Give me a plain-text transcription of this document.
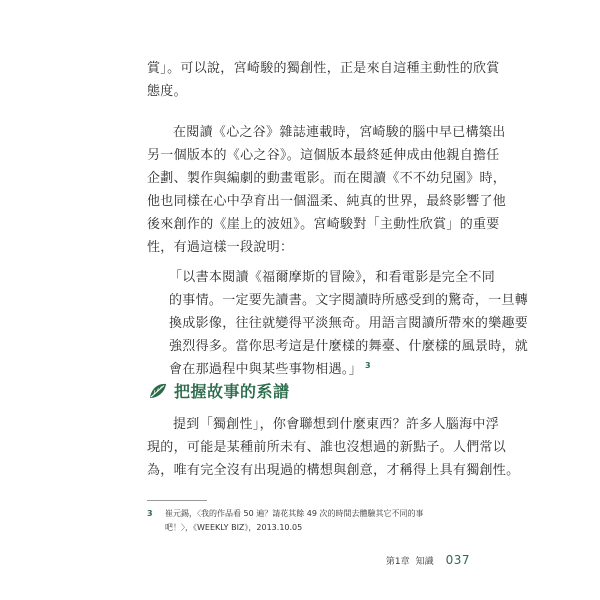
賞」。可以說，宮崎駿的獨創性，正是來自這種主動性的欣賞
態度。

在閱讀《心之谷》雜誌連載時，宮崎駿的腦中早已構築出
另一個版本的《心之谷》。這個版本最終延伸成由他親自擔任
企劃、製作與編劇的動畫電影。而在閱讀《不不幼兒園》時，
他也同樣在心中孕育出一個溫柔、純真的世界，最終影響了他
後來創作的《崖上的波妞》。宮崎駿對「主動性欣賞」的重要
性，有過這樣一段說明：

「以書本閱讀《福爾摩斯的冒險》，和看電影是完全不同
的事情。一定要先讀書。文字閱讀時所感受到的驚奇，一旦轉
換成影像，往往就變得平淡無奇。用語言閱讀所帶來的樂趣要
強烈得多。當你思考這是什麼樣的舞臺、什麼樣的風景時，就
會在那過程中與某些事物相遇。」 $^3$

把握故事的系譜

提到「獨創性」，你會聯想到什麼東西？許多人腦海中浮
現的，可能是某種前所未有、誰也沒想過的新點子。人們常以
為，唯有完全沒有出現過的構想與創意，才稱得上具有獨創性。

3 崔元錫，〈我的作品看 50 遍？請花其餘 49 次的時間去體驗其它不同的事
吧！〉，《WEEKLY BIZ》，2013.10.05
第1章 知識 037
